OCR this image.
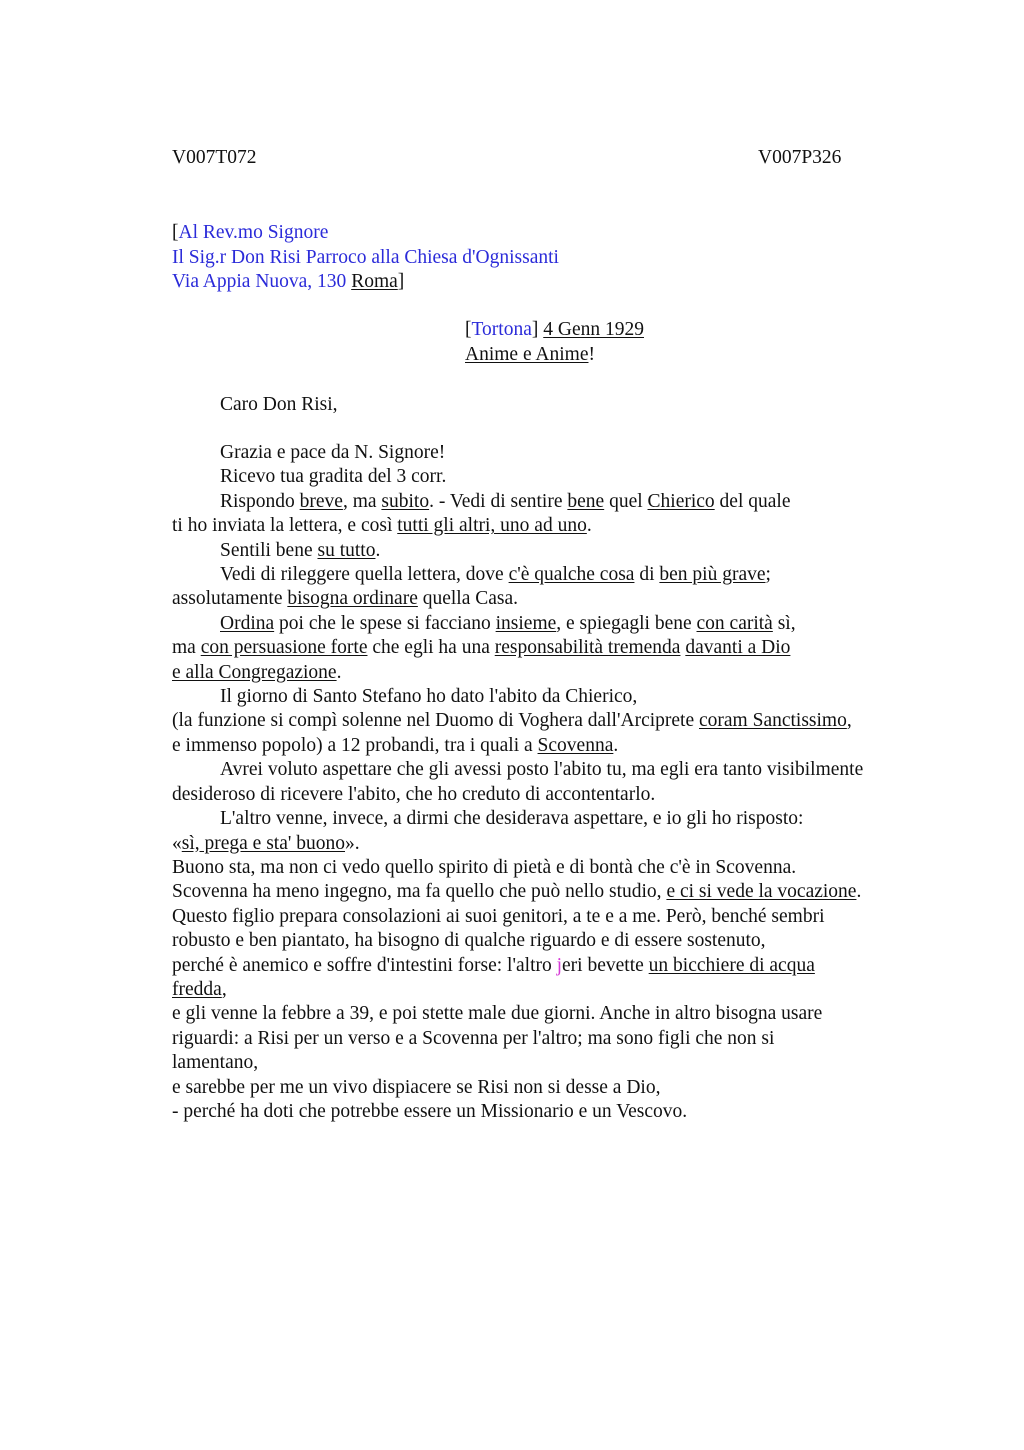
V007T072	V007P326
[Al Rev.mo Signore
Il Sig.r Don Risi Parroco alla Chiesa d'Ognissanti
Via Appia Nuova, 130 Roma]
[Tortona] 4 Genn 1929
Anime e Anime!
Caro Don Risi,
Grazia e pace da N. Signore!
Ricevo tua gradita del 3 corr.
Rispondo breve, ma subito. - Vedi di sentire bene quel Chierico del quale
ti ho inviata la lettera, e così tutti gli altri, uno ad uno.
Sentili bene su tutto.
Vedi di rileggere quella lettera, dove c'è qualche cosa di ben più grave;
assolutamente bisogna ordinare quella Casa.
Ordina poi che le spese si facciano insieme, e spiegagli bene con carità sì,
ma con persuasione forte che egli ha una responsabilità tremenda davanti a Dio
e alla Congregazione.
Il giorno di Santo Stefano ho dato l'abito da Chierico,
(la funzione si compì solenne nel Duomo di Voghera dall'Arciprete coram Sanctissimo,
e immenso popolo) a 12 probandi, tra i quali a Scovenna.
Avrei voluto aspettare che gli avessi posto l'abito tu, ma egli era tanto visibilmente
desideroso di ricevere l'abito, che ho creduto di accontentarlo.
L'altro venne, invece, a dirmi che desiderava aspettare, e io gli ho risposto:
«sì, prega e sta' buono».
Buono sta, ma non ci vedo quello spirito di pietà e di bontà che c'è in Scovenna.
Scovenna ha meno ingegno, ma fa quello che può nello studio, e ci si vede la vocazione.
Questo figlio prepara consolazioni ai suoi genitori, a te e a me. Però, benché sembri
robusto e ben piantato, ha bisogno di qualche riguardo e di essere sostenuto,
perché è anemico e soffre d'intestini forse: l'altro jeri bevette un bicchiere di acqua
fredda,
e gli venne la febbre a 39, e poi stette male due giorni. Anche in altro bisogna usare
riguardi: a Risi per un verso e a Scovenna per l'altro; ma sono figli che non si
lamentano,
e sarebbe per me un vivo dispiacere se Risi non si desse a Dio,
- perché ha doti che potrebbe essere un Missionario e un Vescovo.
